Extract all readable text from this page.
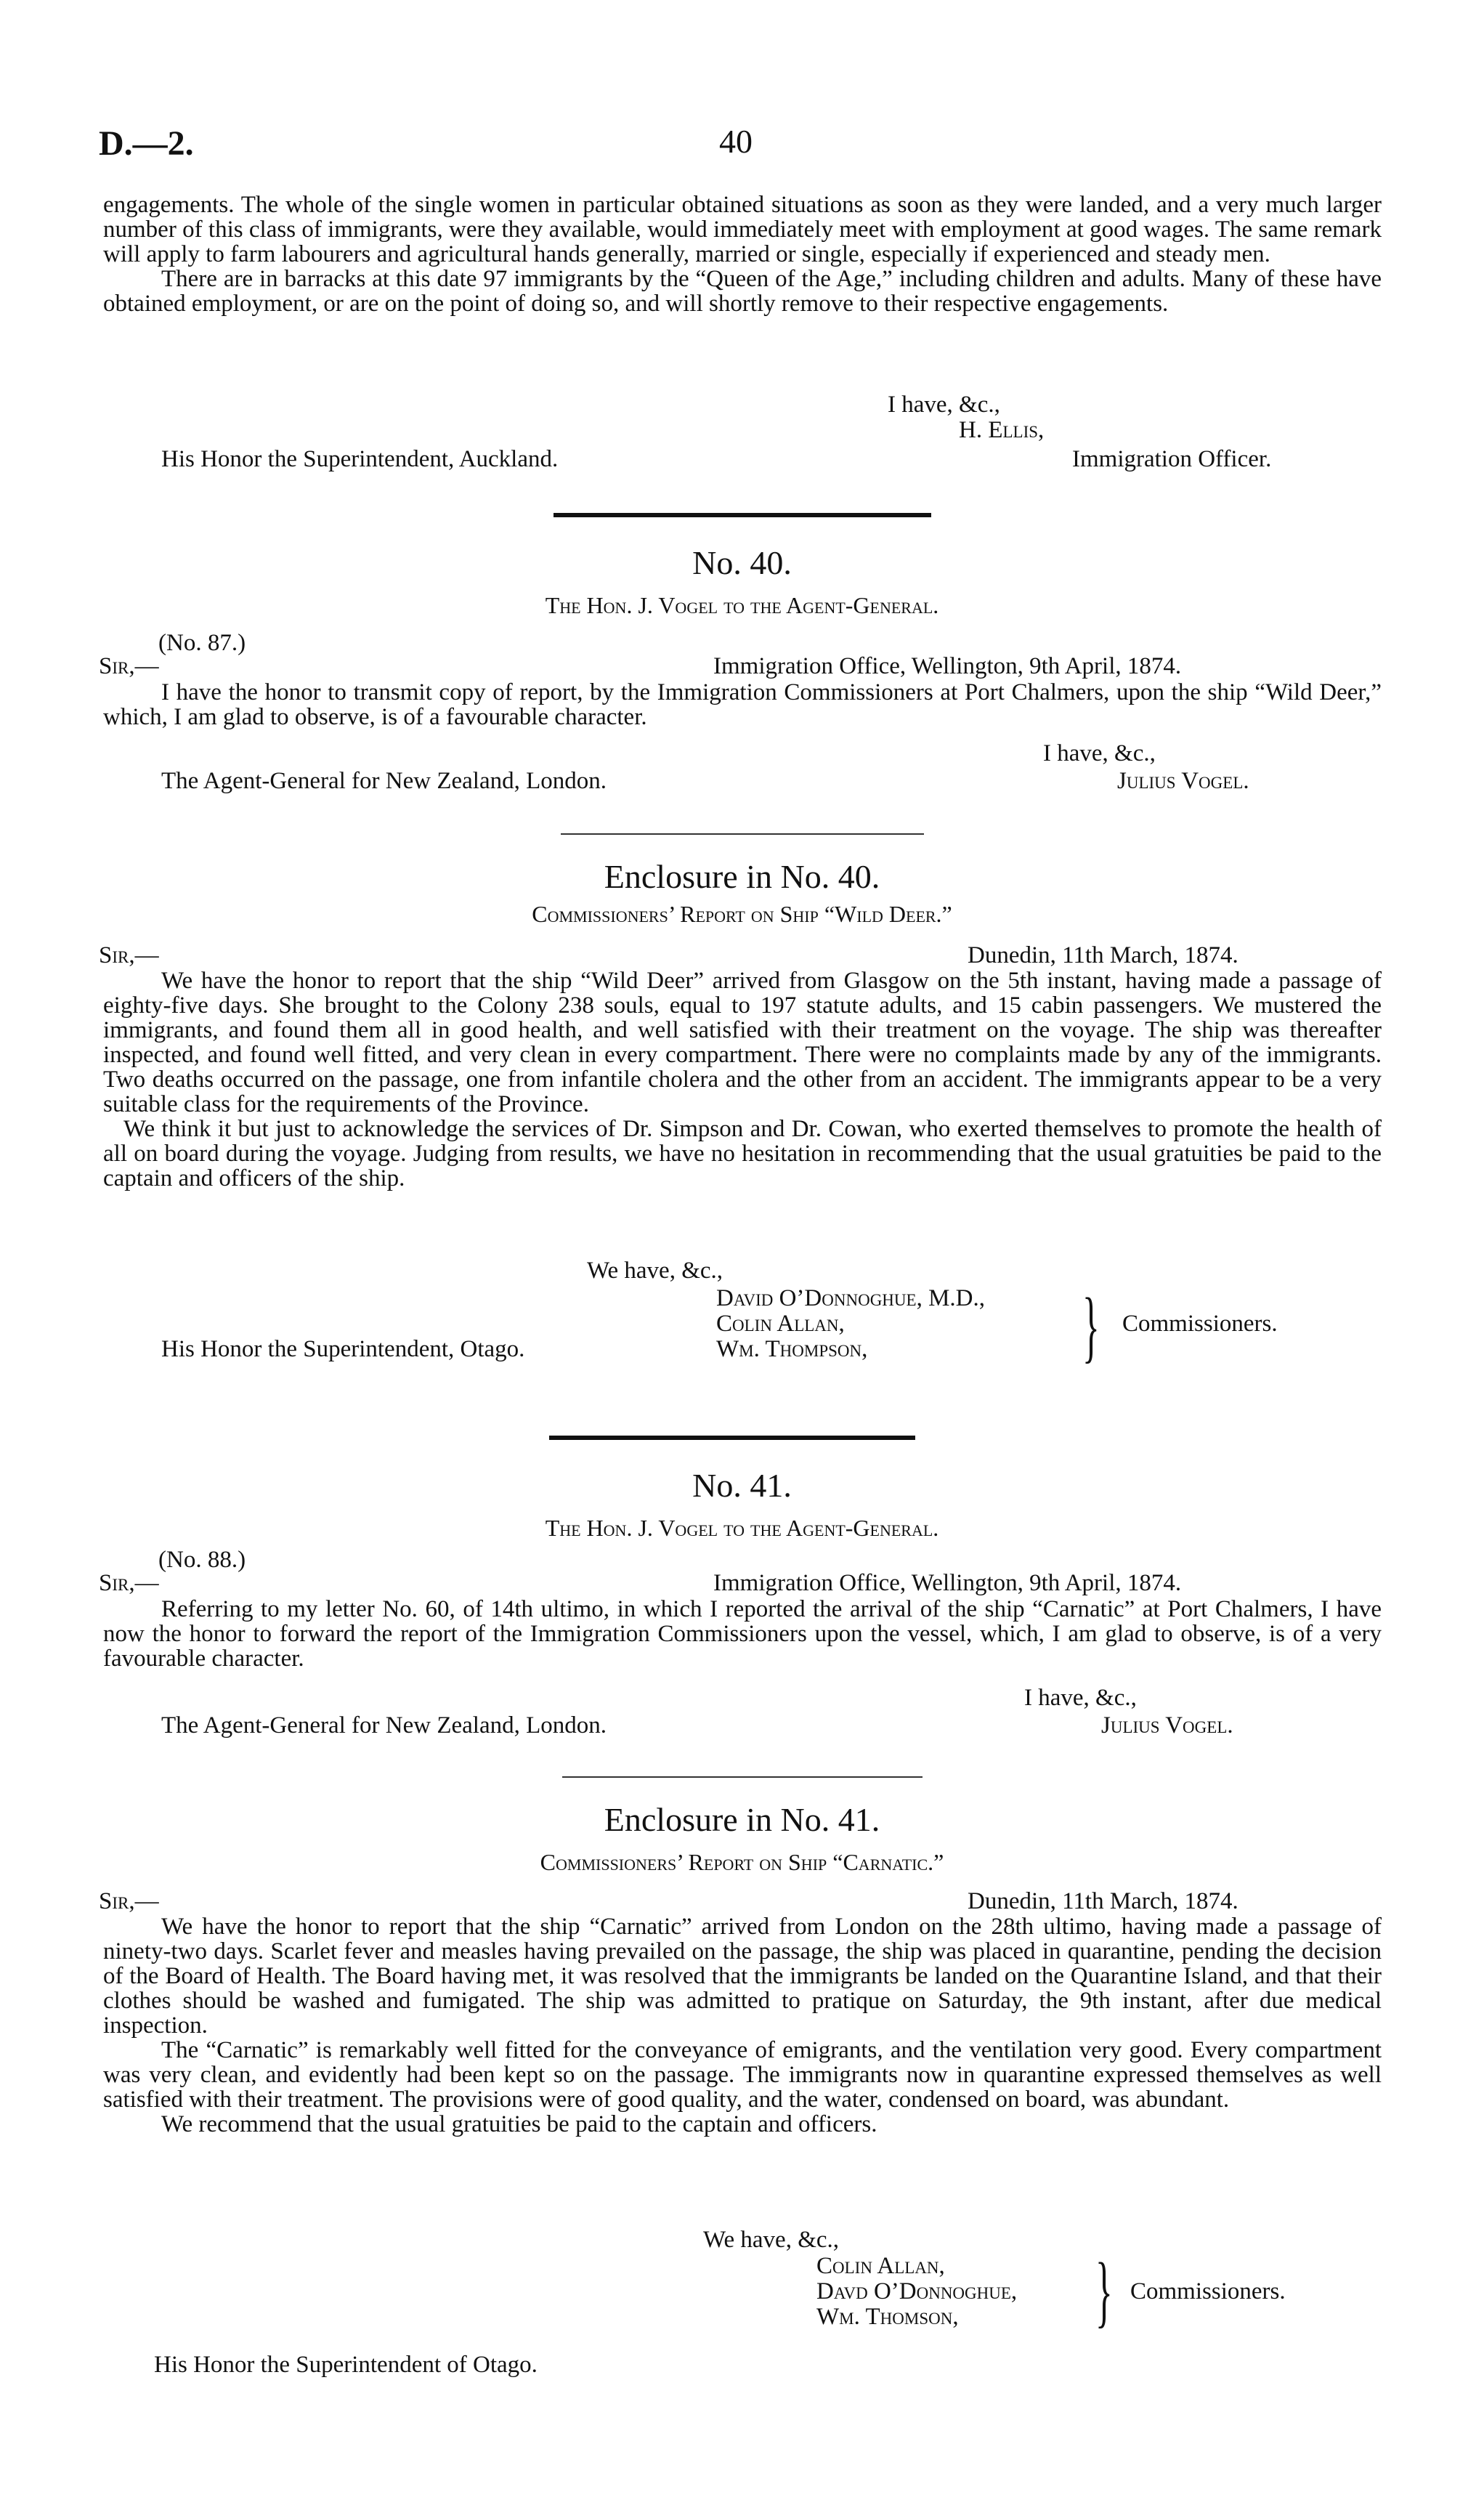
D.—2.	40

engagements. The whole of the single women in particular obtained situations as soon as they were landed, and a very much larger number of this class of immigrants, were they available, would immediately meet with employment at good wages. The same remark will apply to farm labourers and agricultural hands generally, married or single, especially if experienced and steady men.

There are in barracks at this date 97 immigrants by the “Queen of the Age,” including children and adults. Many of these have obtained employment, or are on the point of doing so, and will shortly remove to their respective engagements.

I have, &c.,
H. Ellis,
His Honor the Superintendent, Auckland.	Immigration Officer.
No. 40.
The Hon. J. Vogel to the Agent-General.
(No. 87.)
Sir,—	Immigration Office, Wellington, 9th April, 1874.

I have the honor to transmit copy of report, by the Immigration Commissioners at Port Chalmers, upon the ship “Wild Deer,” which, I am glad to observe, is of a favourable character.

I have, &c.,
The Agent-General for New Zealand, London.	Julius Vogel.
Enclosure in No. 40.
Commissioners’ Report on Ship “Wild Deer.”
Sir,—	Dunedin, 11th March, 1874.

We have the honor to report that the ship “Wild Deer” arrived from Glasgow on the 5th instant, having made a passage of eighty-five days. She brought to the Colony 238 souls, equal to 197 statute adults, and 15 cabin passengers. We mustered the immigrants, and found them all in good health, and well satisfied with their treatment on the voyage. The ship was thereafter inspected, and found well fitted, and very clean in every compartment. There were no complaints made by any of the immigrants. Two deaths occurred on the passage, one from infantile cholera and the other from an accident. The immigrants appear to be a very suitable class for the requirements of the Province.

We think it but just to acknowledge the services of Dr. Simpson and Dr. Cowan, who exerted themselves to promote the health of all on board during the voyage. Judging from results, we have no hesitation in recommending that the usual gratuities be paid to the captain and officers of the ship.

We have, &c.,
David O’Donnoghue, M.D.,
Colin Allan,
Wm. Thompson,	} Commissioners.
His Honor the Superintendent, Otago.
No. 41.
The Hon. J. Vogel to the Agent-General.
(No. 88.)
Sir,—	Immigration Office, Wellington, 9th April, 1874.

Referring to my letter No. 60, of 14th ultimo, in which I reported the arrival of the ship “Carnatic” at Port Chalmers, I have now the honor to forward the report of the Immigration Commissioners upon the vessel, which, I am glad to observe, is of a very favourable character.

I have, &c.,
The Agent-General for New Zealand, London.	Julius Vogel.
Enclosure in No. 41.
Commissioners’ Report on Ship “Carnatic.”
Sir,—	Dunedin, 11th March, 1874.

We have the honor to report that the ship “Carnatic” arrived from London on the 28th ultimo, having made a passage of ninety-two days. Scarlet fever and measles having prevailed on the passage, the ship was placed in quarantine, pending the decision of the Board of Health. The Board having met, it was resolved that the immigrants be landed on the Quarantine Island, and that their clothes should be washed and fumigated. The ship was admitted to pratique on Saturday, the 9th instant, after due medical inspection.

The “Carnatic” is remarkably well fitted for the conveyance of emigrants, and the ventilation very good. Every compartment was very clean, and evidently had been kept so on the passage. The immigrants now in quarantine expressed themselves as well satisfied with their treatment. The provisions were of good quality, and the water, condensed on board, was abundant.

We recommend that the usual gratuities be paid to the captain and officers.

We have, &c.,
Colin Allan,
Davd O’Donnoghue,
Wm. Thomson, } Commissioners.
His Honor the Superintendent of Otago.
